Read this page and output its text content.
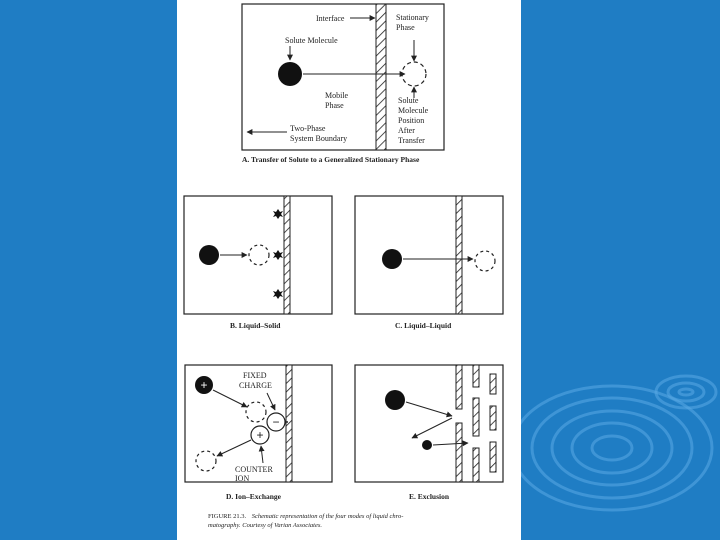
Interface	Stationary
Phase
Solute Molecule
Mobile
Phase
Solute
Molecule
Position
After
Transfer
Two-Phase
System Boundary
A. Transfer of Solute to a Generalized Stationary Phase
B. Liquid–Solid	C. Liquid–Liquid
+
−
+
FIXED
CHARGE
COUNTER
ION
D. Ion–Exchange	E. Exclusion
FIGURE 21.3. Schematic representation of the four modes of liquid chro-
matography. Courtesy of Varian Associates.
